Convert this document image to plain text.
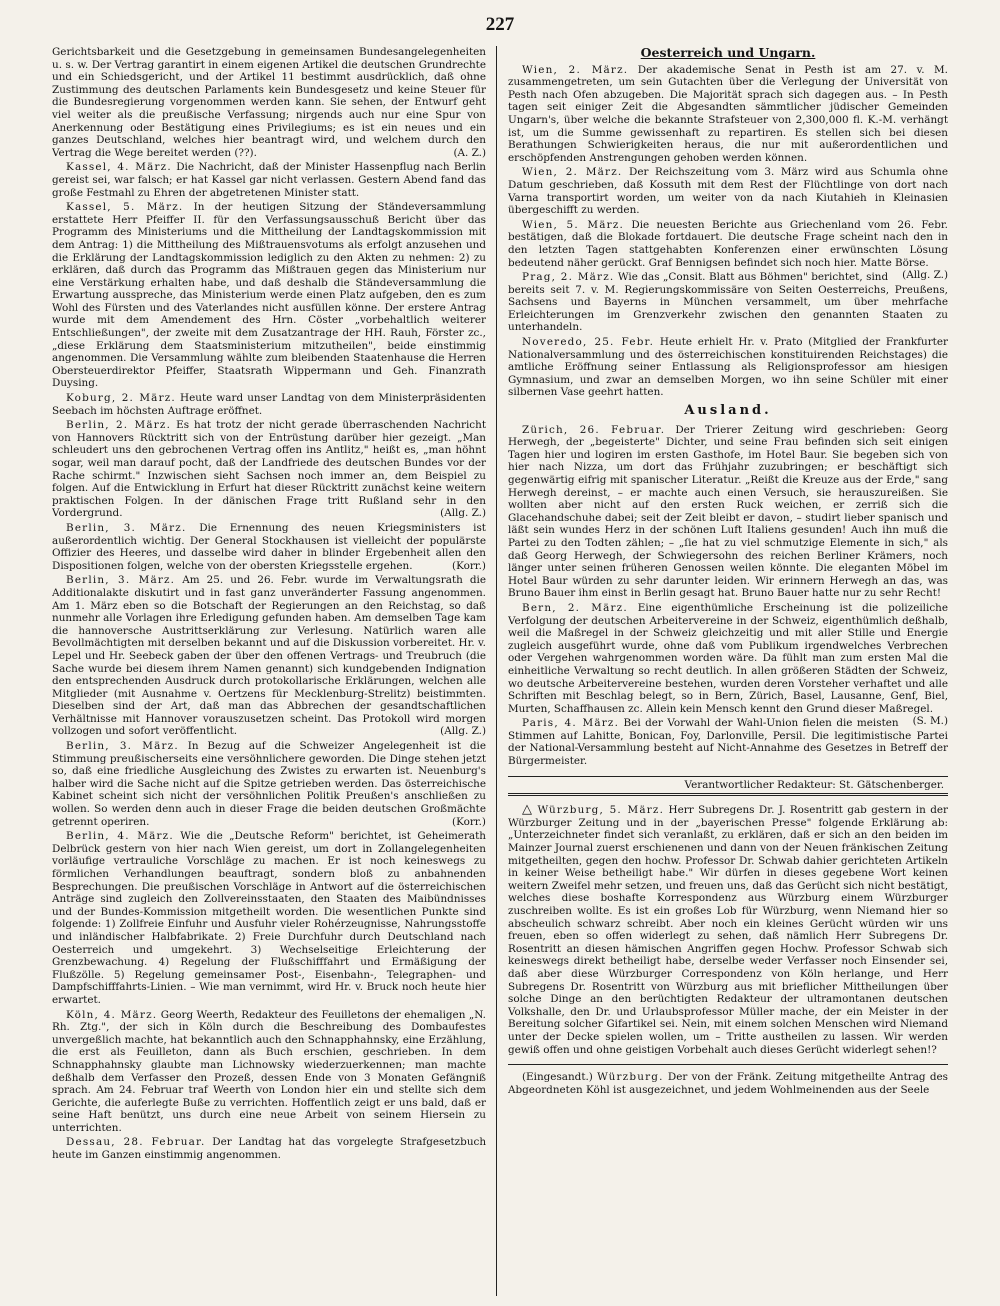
227

Gerichtsbarkeit und die Gesetzgebung in gemeinsamen Bundesangelegenheiten u. s. w. Der Vertrag garantirt in einem eigenen Artikel die deutschen Grundrechte und ein Schiedsgericht, und der Artikel 11 bestimmt ausdrücklich, daß ohne Zustimmung des deutschen Parlaments kein Bundesgesetz und keine Steuer für die Bundesregierung vorgenommen werden kann. Sie sehen, der Entwurf geht viel weiter als die preußische Verfassung; nirgends auch nur eine Spur von Anerkennung oder Bestätigung eines Privilegiums; es ist ein neues und ein ganzes Deutschland, welches hier beantragt wird, und welchem durch den Vertrag die Wege bereitet werden (??).	(A. Z.)

Kassel, 4. März. Die Nachricht, daß der Minister Hassenpflug nach Berlin gereist sei, war falsch; er hat Kassel gar nicht verlassen. Gestern Abend fand das große Festmahl zu Ehren der abgetretenen Minister statt.

Kassel, 5. März. In der heutigen Sitzung der Ständeversammlung erstattete Herr Pfeiffer II. für den Verfassungsausschuß Bericht über das Programm des Ministeriums und die Mittheilung der Landtagskommission mit dem Antrag: 1) die Mittheilung des Mißtrauensvotums als erfolgt anzusehen und die Erklärung der Landtagskommission lediglich zu den Akten zu nehmen: 2) zu erklären, daß durch das Programm das Mißtrauen gegen das Ministerium nur eine Verstärkung erhalten habe, und daß deshalb die Ständeversammlung die Erwartung ausspreche, das Ministerium werde einen Platz aufgeben, den es zum Wohl des Fürsten und des Vaterlandes nicht ausfüllen könne. Der erstere Antrag wurde mit dem Amendement des Hrn. Cöster „vorbehaltlich weiterer Entschließungen", der zweite mit dem Zusatzantrage der HH. Rauh, Förster zc., „diese Erklärung dem Staatsministerium mitzutheilen", beide einstimmig angenommen. Die Versammlung wählte zum bleibenden Staatenhause die Herren Obersteuerdirektor Pfeiffer, Staatsrath Wippermann und Geh. Finanzrath Duysing.

Koburg, 2. März. Heute ward unser Landtag von dem Ministerpräsidenten Seebach im höchsten Auftrage eröffnet.

Berlin, 2. März. Es hat trotz der nicht gerade überraschenden Nachricht von Hannovers Rücktritt sich von der Entrüstung darüber hier gezeigt. „Man schleudert uns den gebrochenen Vertrag offen ins Antlitz," heißt es, „man höhnt sogar, weil man darauf pocht, daß der Landfriede des deutschen Bundes vor der Rache schirmt." Inzwischen sieht Sachsen noch immer an, dem Beispiel zu folgen. Auf die Entwicklung in Erfurt hat dieser Rücktritt zunächst keine weitern praktischen Folgen. In der dänischen Frage tritt Rußland sehr in den Vordergrund.	(Allg. Z.)

Berlin, 3. März. Die Ernennung des neuen Kriegsministers ist außerordentlich wichtig. Der General Stockhausen ist vielleicht der populärste Offizier des Heeres, und dasselbe wird daher in blinder Ergebenheit allen den Dispositionen folgen, welche von der obersten Kriegsstelle ergehen.	(Korr.)

Berlin, 3. März. Am 25. und 26. Febr. wurde im Verwaltungsrath die Additionalakte diskutirt und in fast ganz unveränderter Fassung angenommen. Am 1. März eben so die Botschaft der Regierungen an den Reichstag, so daß nunmehr alle Vorlagen ihre Erledigung gefunden haben. Am demselben Tage kam die hannoversche Austrittserklärung zur Verlesung. Natürlich waren alle Bevollmächtigten mit derselben bekannt und auf die Diskussion vorbereitet. Hr. v. Lepel und Hr. Seebeck gaben der über den offenen Vertrags- und Treubruch (die Sache wurde bei diesem ihrem Namen genannt) sich kundgebenden Indignation den entsprechenden Ausdruck durch protokollarische Erklärungen, welchen alle Mitglieder (mit Ausnahme v. Oertzens für Mecklenburg-Strelitz) beistimmten. Dieselben sind der Art, daß man das Abbrechen der gesandtschaftlichen Verhältnisse mit Hannover vorauszusetzen scheint. Das Protokoll wird morgen vollzogen und sofort veröffentlicht.	(Allg. Z.)

Berlin, 3. März. In Bezug auf die Schweizer Angelegenheit ist die Stimmung preußischerseits eine versöhnlichere geworden. Die Dinge stehen jetzt so, daß eine friedliche Ausgleichung des Zwistes zu erwarten ist. Neuenburg's halber wird die Sache nicht auf die Spitze getrieben werden. Das österreichische Kabinet scheint sich nicht der versöhnlichen Politik Preußen's anschließen zu wollen. So werden denn auch in dieser Frage die beiden deutschen Großmächte getrennt operiren.	(Korr.)

Berlin, 4. März. Wie die „Deutsche Reform" berichtet, ist Geheimerath Delbrück gestern von hier nach Wien gereist, um dort in Zollangelegenheiten vorläufige vertrauliche Vorschläge zu machen. Er ist noch keineswegs zu förmlichen Verhandlungen beauftragt, sondern bloß zu anbahnenden Besprechungen. Die preußischen Vorschläge in Antwort auf die österreichischen Anträge sind zugleich den Zollvereinsstaaten, den Staaten des Maibündnisses und der Bundes-Kommission mitgetheilt worden. Die wesentlichen Punkte sind folgende: 1) Zollfreie Einfuhr und Ausfuhr vieler Rohérzeugnisse, Nahrungsstoffe und inländischer Halbfabrikate. 2) Freie Durchfuhr durch Deutschland nach Oesterreich und umgekehrt. 3) Wechselseitige Erleichterung der Grenzbewachung. 4) Regelung der Flußschifffahrt und Ermäßigung der Flußzölle. 5) Regelung gemeinsamer Post-, Eisenbahn-, Telegraphen- und Dampfschifffahrts-Linien. – Wie man vernimmt, wird Hr. v. Bruck noch heute hier erwartet.

Köln, 4. März. Georg Weerth, Redakteur des Feuilletons der ehemaligen „N. Rh. Ztg.", der sich in Köln durch die Beschreibung des Dombaufestes unvergeßlich machte, hat bekanntlich auch den Schnapphahnsky, eine Erzählung, die erst als Feuilleton, dann als Buch erschien, geschrieben. In dem Schnapphahnsky glaubte man Lichnowsky wiederzuerkennen; man machte deßhalb dem Verfasser den Prozeß, dessen Ende von 3 Monaten Gefängniß sprach. Am 24. Februar traf Weerth von London hier ein und stellte sich dem Gerichte, die auferlegte Buße zu verrichten. Hoffentlich zeigt er uns bald, daß er seine Haft benützt, uns durch eine neue Arbeit von seinem Hiersein zu unterrichten.

Dessau, 28. Februar. Der Landtag hat das vorgelegte Strafgesetzbuch heute im Ganzen einstimmig angenommen.

Oesterreich und Ungarn.

Wien, 2. März. Der akademische Senat in Pesth ist am 27. v. M. zusammengetreten, um sein Gutachten über die Verlegung der Universität von Pesth nach Ofen abzugeben. Die Majorität sprach sich dagegen aus. – In Pesth tagen seit einiger Zeit die Abgesandten sämmtlicher jüdischer Gemeinden Ungarn's, über welche die bekannte Strafsteuer von 2,300,000 fl. K.-M. verhängt ist, um die Summe gewissenhaft zu repartiren. Es stellen sich bei diesen Berathungen Schwierigkeiten heraus, die nur mit außerordentlichen und erschöpfenden Anstrengungen gehoben werden können.

Wien, 2. März. Der Reichszeitung vom 3. März wird aus Schumla ohne Datum geschrieben, daß Kossuth mit dem Rest der Flüchtlinge von dort nach Varna transportirt worden, um weiter von da nach Kiutahieh in Kleinasien übergeschifft zu werden.

Wien, 5. März. Die neuesten Berichte aus Griechenland vom 26. Febr. bestätigen, daß die Blokade fortdauert. Die deutsche Frage scheint nach den in den letzten Tagen stattgehabten Konferenzen einer erwünschten Lösung bedeutend näher gerückt. Graf Bennigsen befindet sich noch hier. Matte Börse.
(Allg. Z.)

Prag, 2. März. Wie das „Consit. Blatt aus Böhmen" berichtet, sind bereits seit 7. v. M. Regierungskommissäre von Seiten Oesterreichs, Preußens, Sachsens und Bayerns in München versammelt, um über mehrfache Erleichterungen im Grenzverkehr zwischen den genannten Staaten zu unterhandeln.

Noveredo, 25. Febr. Heute erhielt Hr. v. Prato (Mitglied der Frankfurter Nationalversammlung und des österreichischen konstituirenden Reichstages) die amtliche Eröffnung seiner Entlassung als Religionsprofessor am hiesigen Gymnasium, und zwar an demselben Morgen, wo ihn seine Schüler mit einer silbernen Vase geehrt hatten.

Ausland.

Zürich, 26. Februar. Der Trierer Zeitung wird geschrieben: Georg Herwegh, der „begeisterte" Dichter, und seine Frau befinden sich seit einigen Tagen hier und logiren im ersten Gasthofe, im Hotel Baur. Sie begeben sich von hier nach Nizza, um dort das Frühjahr zuzubringen; er beschäftigt sich gegenwärtig eifrig mit spanischer Literatur. „Reißt die Kreuze aus der Erde," sang Herwegh dereinst, – er machte auch einen Versuch, sie herauszureißen. Sie wollten aber nicht auf den ersten Ruck weichen, er zerriß sich die Glacehandschuhe dabei; seit der Zeit bleibt er davon, – studirt lieber spanisch und läßt sein wundes Herz in der schönen Luft Italiens gesunden! Auch ihn muß die Partei zu den Todten zählen; – „ſie hat zu viel schmutzige Elemente in sich," als daß Georg Herwegh, der Schwiegersohn des reichen Berliner Krämers, noch länger unter seinen früheren Genossen weilen könnte. Die eleganten Möbel im Hotel Baur würden zu sehr darunter leiden. Wir erinnern Herwegh an das, was Bruno Bauer ihm einst in Berlin gesagt hat. Bruno Bauer hatte nur zu sehr Recht!

Bern, 2. März. Eine eigenthümliche Erscheinung ist die polizeiliche Verfolgung der deutschen Arbeitervereine in der Schweiz, eigenthümlich deßhalb, weil die Maßregel in der Schweiz gleichzeitig und mit aller Stille und Energie zugleich ausgeführt wurde, ohne daß vom Publikum irgendwelches Verbrechen oder Vergehen wahrgenommen worden wäre. Da fühlt man zum ersten Mal die einheitliche Verwaltung so recht deutlich. In allen größeren Städten der Schweiz, wo deutsche Arbeitervereine bestehen, wurden deren Vorsteher verhaftet und alle Schriften mit Beschlag belegt, so in Bern, Zürich, Basel, Lausanne, Genf, Biel, Murten, Schaffhausen zc. Allein kein Mensch kennt den Grund dieser Maßregel.
(S. M.)

Paris, 4. März. Bei der Vorwahl der Wahl-Union fielen die meisten Stimmen auf Lahitte, Bonican, Foy, Darlonville, Persil. Die legitimistische Partei der National-Versammlung besteht auf Nicht-Annahme des Gesetzes in Betreff der Bürgermeister.

Verantwortlicher Redakteur: St. Gätschenberger.

△ Würzburg, 5. März. Herr Subregens Dr. J. Rosentritt gab gestern in der Würzburger Zeitung und in der „bayerischen Presse" folgende Erklärung ab: „Unterzeichneter findet sich veranlaßt, zu erklären, daß er sich an den beiden im Mainzer Journal zuerst erschienenen und dann von der Neuen fränkischen Zeitung mitgetheilten, gegen den hochw. Professor Dr. Schwab dahier gerichteten Artikeln in keiner Weise betheiligt habe." Wir dürfen in dieses gegebene Wort keinen weitern Zweifel mehr setzen, und freuen uns, daß das Gerücht sich nicht bestätigt, welches diese boshafte Korrespondenz aus Würzburg einem Würzburger zuschreiben wollte. Es ist ein großes Lob für Würzburg, wenn Niemand hier so abscheulich schwarz schreibt. Aber noch ein kleines Gerücht würden wir uns freuen, eben so offen widerlegt zu sehen, daß nämlich Herr Subregens Dr. Rosentritt an diesen hämischen Angriffen gegen Hochw. Professor Schwab sich keineswegs direkt betheiligt habe, derselbe weder Verfasser noch Einsender sei, daß aber diese Würzburger Correspondenz von Köln herlange, und Herr Subregens Dr. Rosentritt von Würzburg aus mit brieflicher Mittheilungen über solche Dinge an den berüchtigten Redakteur der ultramontanen deutschen Volkshalle, den Dr. und Urlaubsprofessor Müller mache, der ein Meister in der Bereitung solcher Gifartikel sei. Nein, mit einem solchen Menschen wird Niemand unter der Decke spielen wollen, um – Tritte austheilen zu lassen. Wir werden gewiß offen und ohne geistigen Vorbehalt auch dieses Gerücht widerlegt sehen!?

(Eingesandt.) Würzburg. Der von der Fränk. Zeitung mitgetheilte Antrag des Abgeordneten Köhl ist ausgezeichnet, und jedem Wohlmeinenden aus der Seele
